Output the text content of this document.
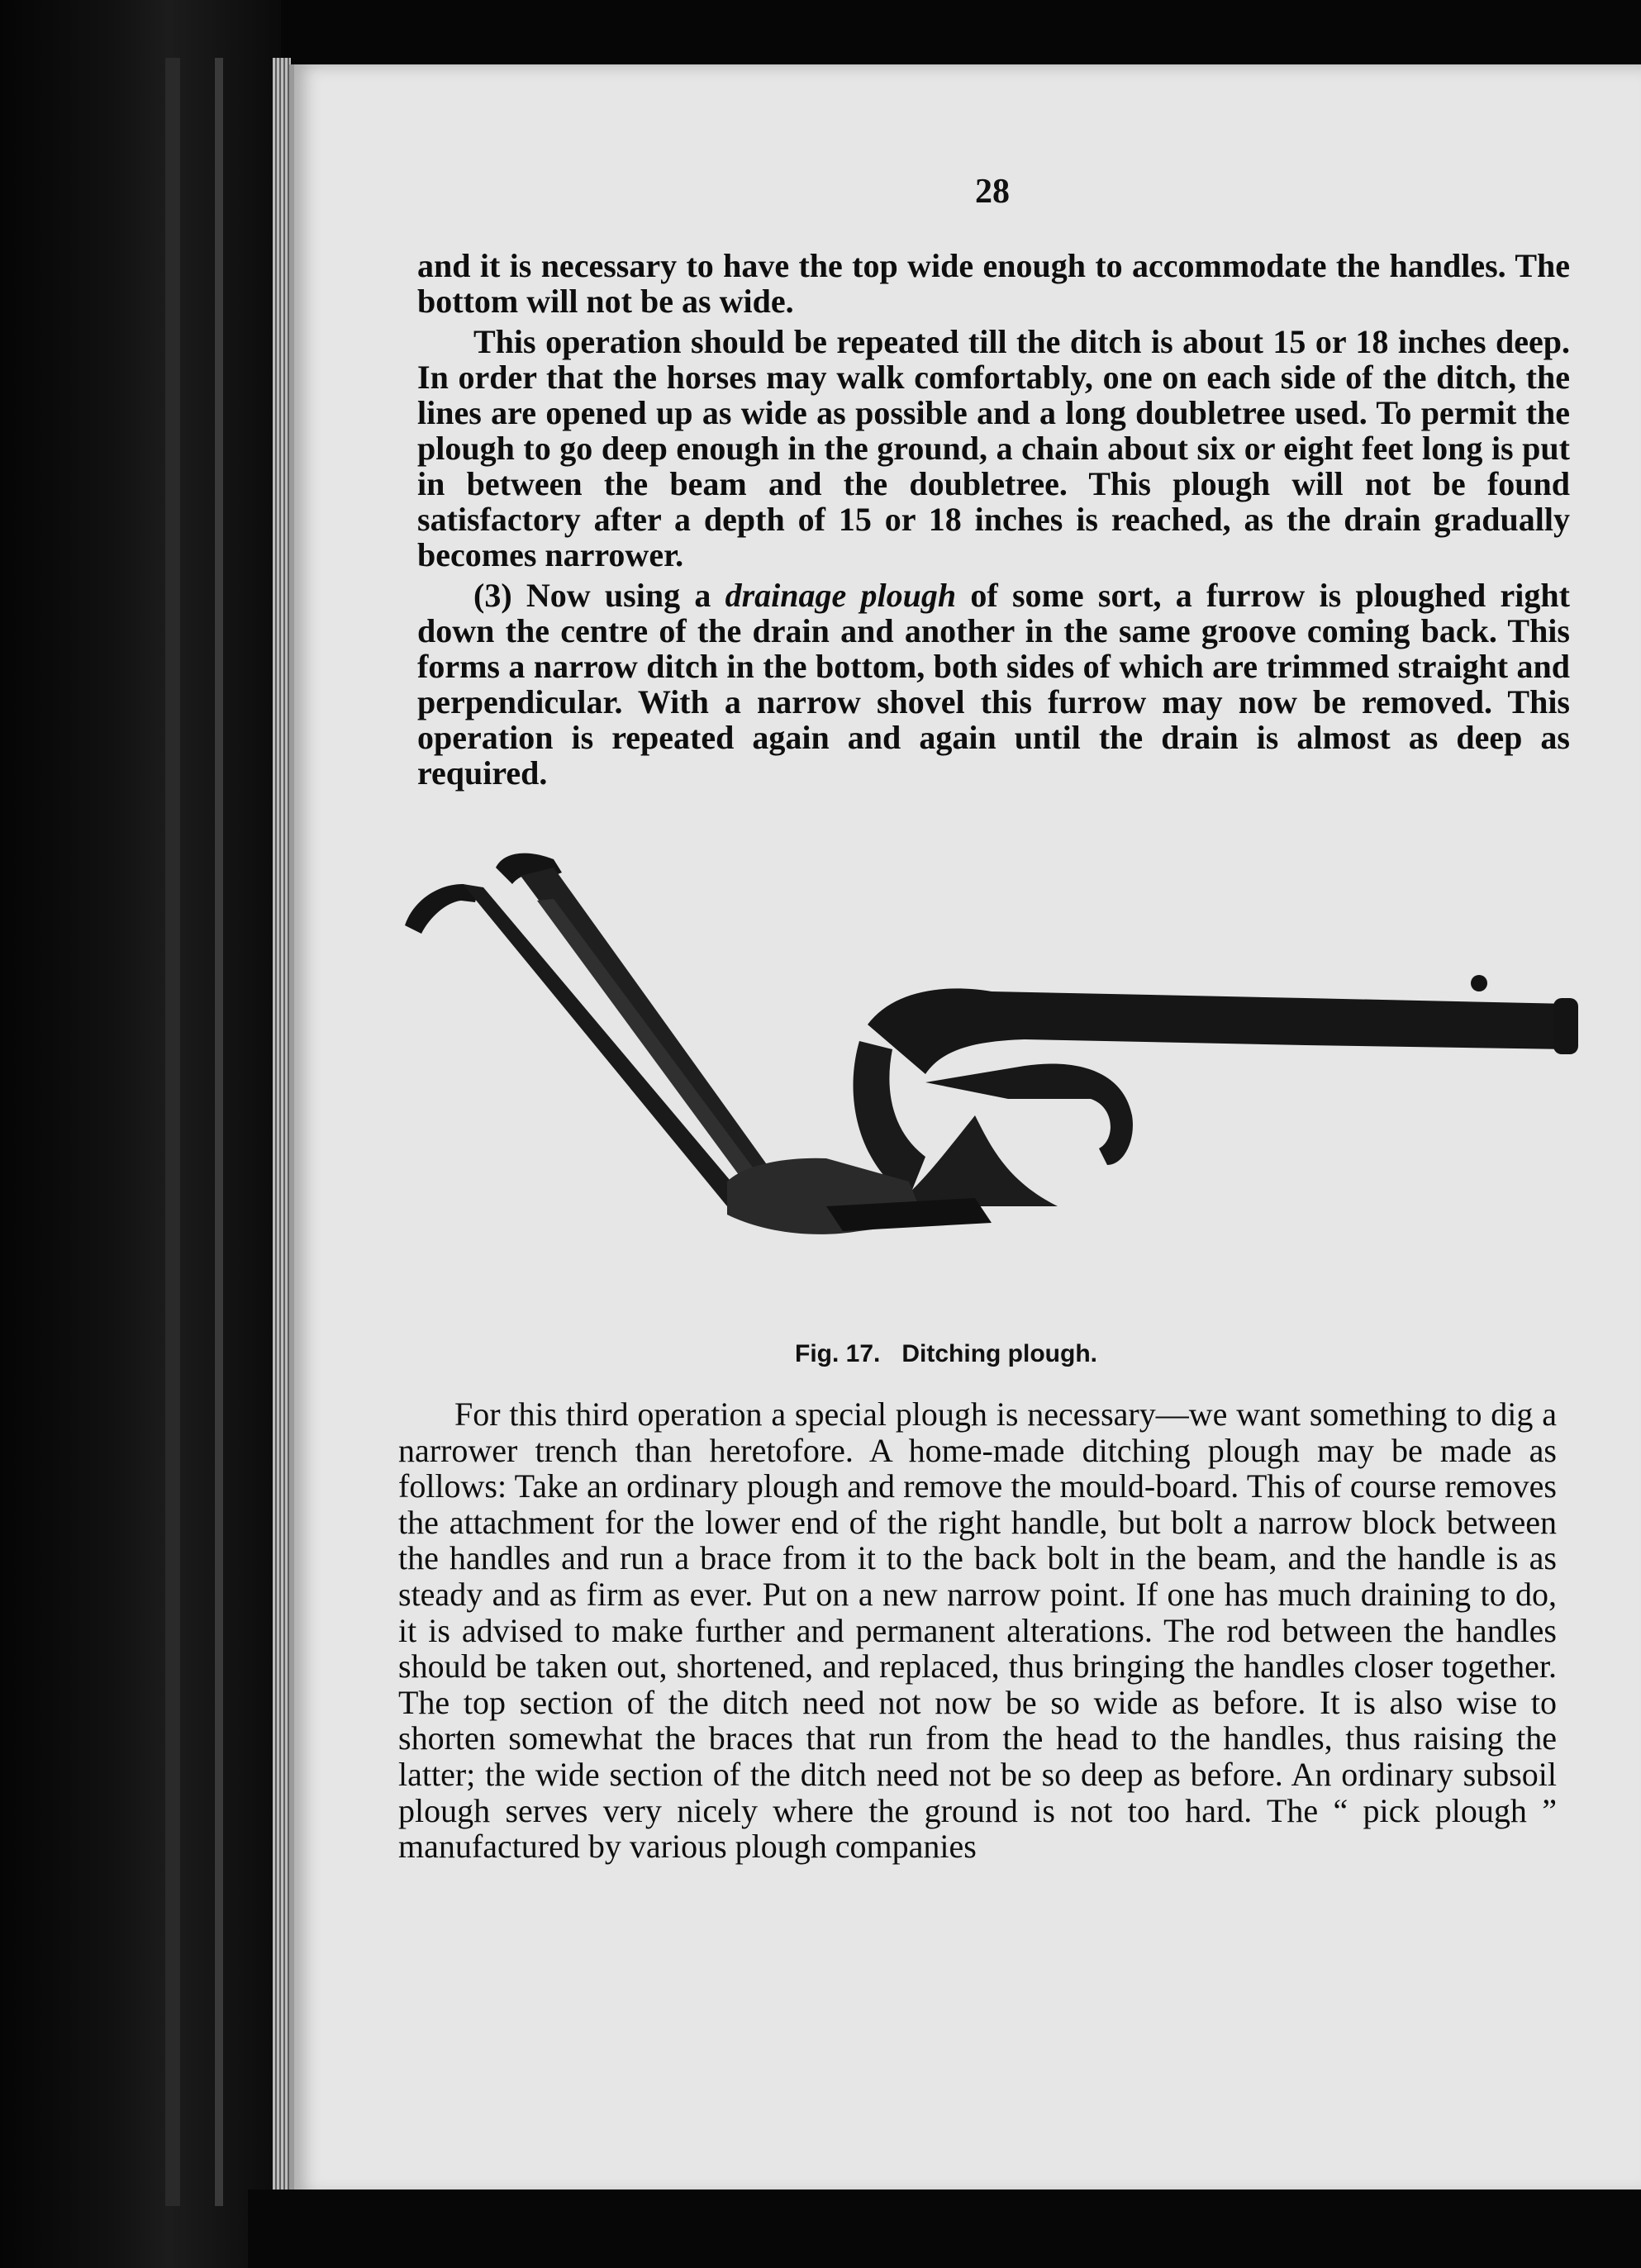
28

and it is necessary to have the top wide enough to accommodate the handles. The bottom will not be as wide.

This operation should be repeated till the ditch is about 15 or 18 inches deep. In order that the horses may walk comfortably, one on each side of the ditch, the lines are opened up as wide as possible and a long doubletree used. To permit the plough to go deep enough in the ground, a chain about six or eight feet long is put in between the beam and the doubletree. This plough will not be found satisfactory after a depth of 15 or 18 inches is reached, as the drain gradually becomes narrower.

(3) Now using a drainage plough of some sort, a furrow is ploughed right down the centre of the drain and another in the same groove coming back. This forms a narrow ditch in the bottom, both sides of which are trimmed straight and perpendicular. With a narrow shovel this furrow may now be removed. This operation is repeated again and again until the drain is almost as deep as required.

Fig. 17. Ditching plough.

For this third operation a special plough is necessary—we want something to dig a narrower trench than heretofore. A home-made ditching plough may be made as follows: Take an ordinary plough and remove the mould-board. This of course removes the attachment for the lower end of the right handle, but bolt a narrow block between the handles and run a brace from it to the back bolt in the beam, and the handle is as steady and as firm as ever. Put on a new narrow point. If one has much draining to do, it is advised to make further and permanent alterations. The rod between the handles should be taken out, shortened, and replaced, thus bringing the handles closer together. The top section of the ditch need not now be so wide as before. It is also wise to shorten somewhat the braces that run from the head to the handles, thus raising the latter; the wide section of the ditch need not be so deep as before. An ordinary subsoil plough serves very nicely where the ground is not too hard. The “ pick plough ” manufactured by various plough companies
